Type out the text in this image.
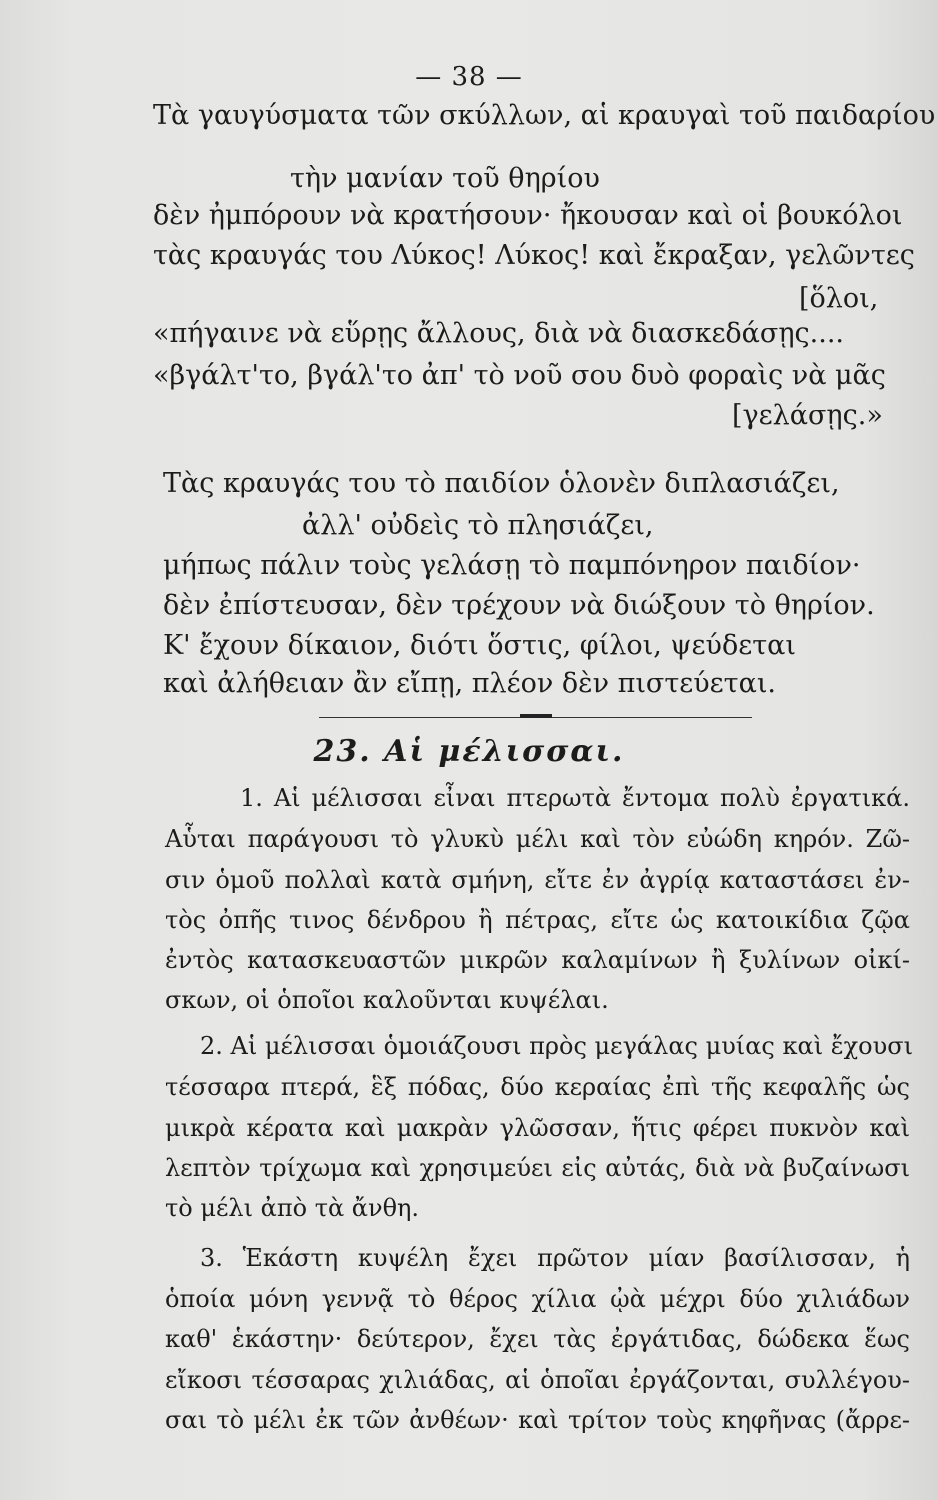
— 38 —
Τὰ γαυγύσματα τῶν σκύλλων, αἱ κραυγαὶ τοῦ παιδαρίου
τὴν μανίαν τοῦ θηρίου
δὲν ἠμπόρουν νὰ κρατήσουν· ἤκουσαν καὶ οἱ βουκόλοι
τὰς κραυγάς του Λύκος! Λύκος! καὶ ἔκραξαν, γελῶντες
[ὅλοι,
«πήγαινε νὰ εὕρῃς ἄλλους, διὰ νὰ διασκεδάσῃς....
«βγάλτ'το, βγάλ'το ἀπ' τὸ νοῦ σου δυὸ φοραὶς νὰ μᾶς
[γελάσῃς.»
Τὰς κραυγάς του τὸ παιδίον ὁλονὲν διπλασιάζει,
ἀλλ' οὐδεὶς τὸ πλησιάζει,
μήπως πάλιν τοὺς γελάσῃ τὸ παμπόνηρον παιδίον·
δὲν ἐπίστευσαν, δὲν τρέχουν νὰ διώξουν τὸ θηρίον.
Κ' ἔχουν δίκαιον, διότι ὅστις, φίλοι, ψεύδεται
καὶ ἀλήθειαν ἂν εἴπῃ, πλέον δὲν πιστεύεται.
23. Αἱ μέλισσαι.
1. Αἱ μέλισσαι εἶναι πτερωτὰ ἔντομα πολὺ ἐργατικά.
Αὗται παράγουσι τὸ γλυκὺ μέλι καὶ τὸν εὐώδη κηρόν. Ζῶ-
σιν ὁμοῦ πολλαὶ κατὰ σμήνη, εἴτε ἐν ἀγρίᾳ καταστάσει ἐν-
τὸς ὀπῆς τινος δένδρου ἢ πέτρας, εἴτε ὡς κατοικίδια ζῷα
ἐντὸς κατασκευαστῶν μικρῶν καλαμίνων ἢ ξυλίνων οἰκί-
σκων, οἱ ὁποῖοι καλοῦνται κυψέλαι.
2. Αἱ μέλισσαι ὁμοιάζουσι πρὸς μεγάλας μυίας καὶ ἔχουσι
τέσσαρα πτερά, ἓξ πόδας, δύο κεραίας ἐπὶ τῆς κεφαλῆς ὡς
μικρὰ κέρατα καὶ μακρὰν γλῶσσαν, ἥτις φέρει πυκνὸν καὶ
λεπτὸν τρίχωμα καὶ χρησιμεύει εἰς αὐτάς, διὰ νὰ βυζαίνωσι
τὸ μέλι ἀπὸ τὰ ἄνθη.
3. Ἑκάστη κυψέλη ἔχει πρῶτον μίαν βασίλισσαν, ἡ
ὁποία μόνη γεννᾷ τὸ θέρος χίλια ᾠὰ μέχρι δύο χιλιάδων
καθ' ἑκάστην· δεύτερον, ἔχει τὰς ἐργάτιδας, δώδεκα ἕως
εἴκοσι τέσσαρας χιλιάδας, αἱ ὁποῖαι ἐργάζονται, συλλέγου-
σαι τὸ μέλι ἐκ τῶν ἀνθέων· καὶ τρίτον τοὺς κηφῆνας (ἄρρε-
